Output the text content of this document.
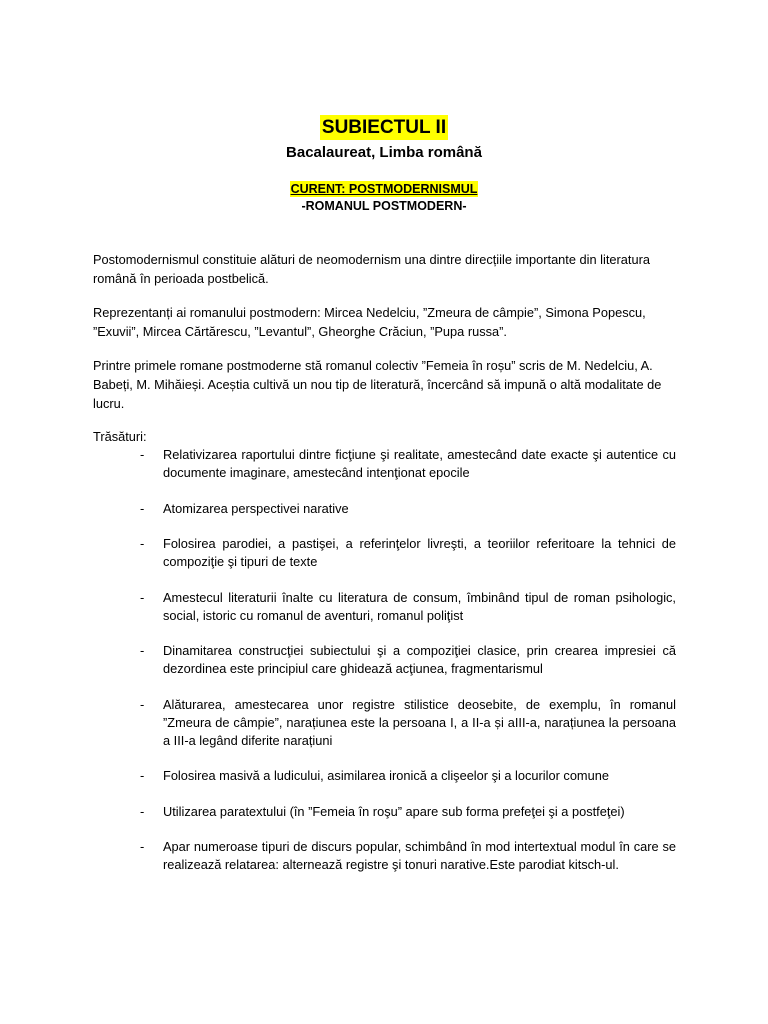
SUBIECTUL II
Bacalaureat, Limba română
CURENT: POSTMODERNISMUL
-ROMANUL POSTMODERN-

Postomodernismul constituie alături de neomodernism una dintre direcțiile importante din literatura română în perioada postbelică.

Reprezentanți ai romanului postmodern: Mircea Nedelciu, ”Zmeura de câmpie”, Simona Popescu, ”Exuvii”, Mircea Cărtărescu, ”Levantul”, Gheorghe Crăciun, ”Pupa russa”.

Printre primele romane postmoderne stă romanul colectiv ”Femeia în roșu” scris de M. Nedelciu, A. Babeți, M. Mihăieși. Aceștia cultivă un nou tip de literatură, încercând să impună o altă modalitate de lucru.

Trăsături:

- Relativizarea raportului dintre ficţiune şi realitate, amestecând date exacte şi autentice cu documente imaginare, amestecând intenţionat epocile
- Atomizarea perspectivei narative
- Folosirea parodiei, a pastişei, a referinţelor livreşti, a teoriilor referitoare la tehnici de compoziţie şi tipuri de texte
- Amestecul literaturii înalte cu literatura de consum, îmbinând tipul de roman psihologic, social, istoric cu romanul de aventuri, romanul poliţist
- Dinamitarea construcţiei subiectului şi a compoziţiei clasice, prin crearea impresiei că dezordinea este principiul care ghidează acţiunea, fragmentarismul
- Alăturarea, amestecarea unor registre stilistice deosebite, de exemplu, în romanul ”Zmeura de câmpie”, narațiunea este la persoana I, a II-a și aIII-a, narațiunea la persoana a III-a legând diferite narațiuni
- Folosirea masivă a ludicului, asimilarea ironică a clişeelor şi a locurilor comune
- Utilizarea paratextului (în ”Femeia în roşu” apare sub forma prefeţei şi a postfeţei)
- Apar numeroase tipuri de discurs popular, schimbând în mod intertextual modul în care se realizează relatarea: alternează registre şi tonuri narative.Este parodiat kitsch-ul.
